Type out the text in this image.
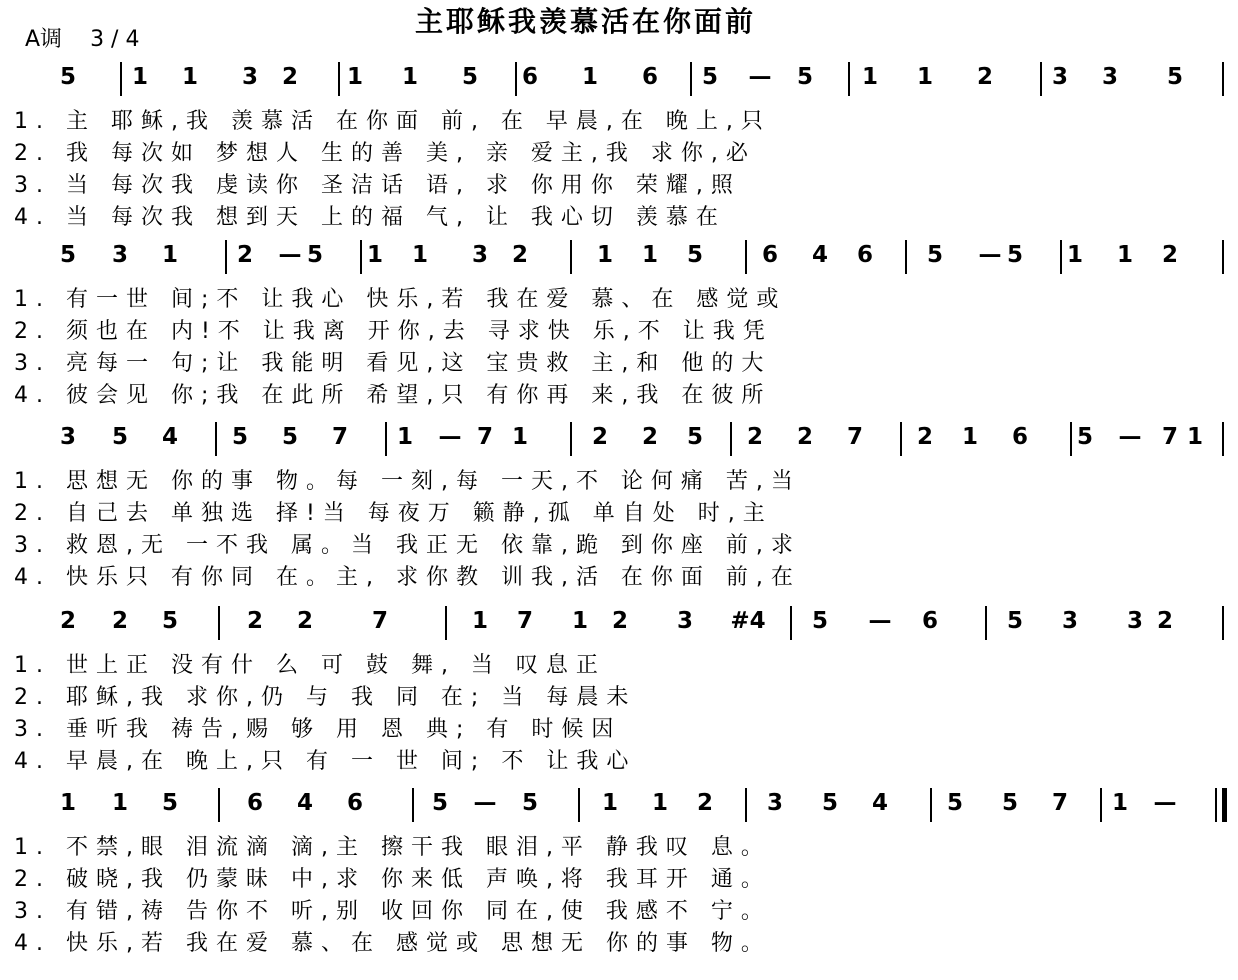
主耶稣我羡慕活在你面前
A调 3 / 4
5 1 1 3 2 1 1 5 6 1 6 5 — 5 1 1 2	3 3 5
1. 主 耶稣,我 羡慕活 在你面 前, 在 早晨,在 晚上,只
2. 我 每次如 梦想人 生的善 美, 亲 爱主,我 求你,必
3. 当 每次我 虔读你 圣洁话 语, 求 你用你 荣耀,照
4. 当 每次我 想到天 上的福 气, 让 我心切 羡慕在
5 3 1	2 — 5 1 1 3 2	1 1 5	6 4 6 5 — 5 1 1 2
1. 有一世 间;不 让我心 快乐,若 我在爱 慕、在 感觉或
2. 须也在 内!不 让我离 开你,去 寻求快 乐,不 让我凭
3. 亮每一 句;让 我能明 看见,这 宝贵救 主,和 他的大
4. 彼会见 你;我 在此所 希望,只 有你再 来,我 在彼所
3 5 4 5 5 7 1 — 7 1	2 2 5 2 2 7 2 1 6 5 — 7 1
1. 思想无 你的事 物。每 一刻,每 一天,不 论何痛 苦,当
2. 自己去 单独选 择!当 每夜万 籁静,孤 单自处 时,主
3. 救恩,无 一不我 属。当 我正无 依靠,跪 到你座 前,求
4. 快乐只 有你同 在。主, 求你教 训我,活 在你面 前,在
2 2 5	2 2	7	1 7 1 2 3 #4 5 — 6	5 3 3 2
1. 世上正 没有什 么 可 鼓 舞, 当 叹息正
2. 耶稣,我 求你,仍 与 我 同 在; 当 每晨未
3. 垂听我 祷告,赐 够 用 恩 典; 有 时候因
4. 早晨,在 晚上,只 有 一 世 间; 不 让我心
1 1 5	6 4 6	5 — 5	1 1 2 3 5 4	5 5 7 1 —
1. 不禁,眼 泪流滴 滴,主 擦干我 眼泪,平 静我叹 息。
2. 破晓,我 仍蒙昧 中,求 你来低 声唤,将 我耳开 通。
3. 有错,祷 告你不 听,别 收回你 同在,使 我感不 宁。
4. 快乐,若 我在爱 慕、在 感觉或 思想无 你的事 物。
